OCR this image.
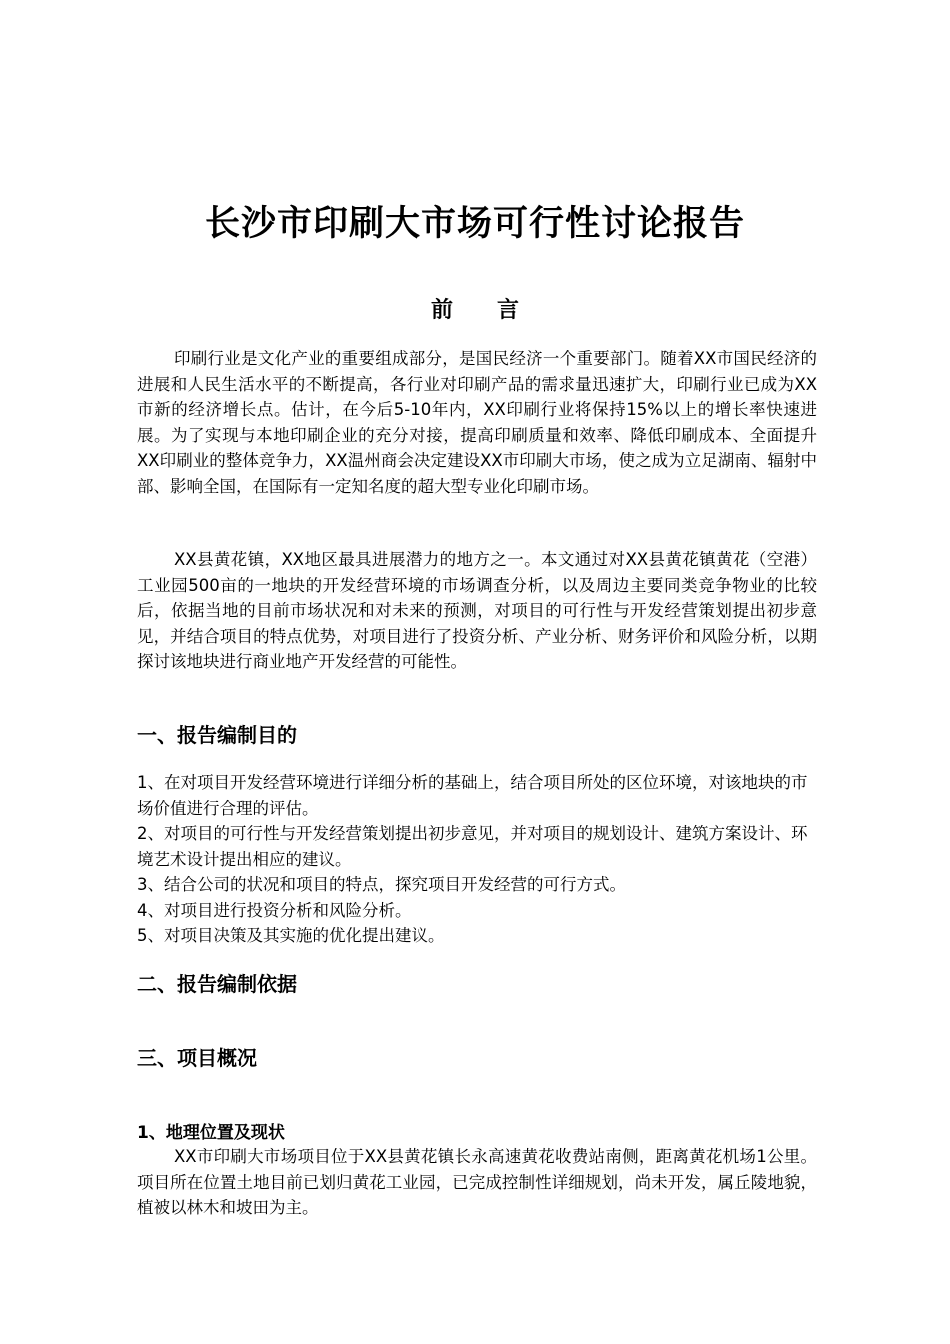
长沙市印刷大市场可行性讨论报告
前言

印刷行业是文化产业的重要组成部分，是国民经济一个重要部门。随着XX市国民经济的进展和人民生活水平的不断提高，各行业对印刷产品的需求量迅速扩大，印刷行业已成为XX市新的经济增长点。估计，在今后5-10年内，XX印刷行业将保持15%以上的增长率快速进展。为了实现与本地印刷企业的充分对接，提高印刷质量和效率、降低印刷成本、全面提升XX印刷业的整体竞争力，XX温州商会决定建设XX市印刷大市场，使之成为立足湖南、辐射中部、影响全国，在国际有一定知名度的超大型专业化印刷市场。

XX县黄花镇，XX地区最具进展潜力的地方之一。本文通过对XX县黄花镇黄花（空港）工业园500亩的一地块的开发经营环境的市场调查分析，以及周边主要同类竞争物业的比较后，依据当地的目前市场状况和对未来的预测，对项目的可行性与开发经营策划提出初步意见，并结合项目的特点优势，对项目进行了投资分析、产业分析、财务评价和风险分析，以期探讨该地块进行商业地产开发经营的可能性。

一、报告编制目的
1、在对项目开发经营环境进行详细分析的基础上，结合项目所处的区位环境，对该地块的市场价值进行合理的评估。
2、对项目的可行性与开发经营策划提出初步意见，并对项目的规划设计、建筑方案设计、环境艺术设计提出相应的建议。
3、结合公司的状况和项目的特点，探究项目开发经营的可行方式。
4、对项目进行投资分析和风险分析。
5、对项目决策及其实施的优化提出建议。
二、报告编制依据
三、项目概况
1、地理位置及现状

XX市印刷大市场项目位于XX县黄花镇长永高速黄花收费站南侧，距离黄花机场1公里。项目所在位置土地目前已划归黄花工业园，已完成控制性详细规划，尚未开发，属丘陵地貌，植被以林木和坡田为主。
